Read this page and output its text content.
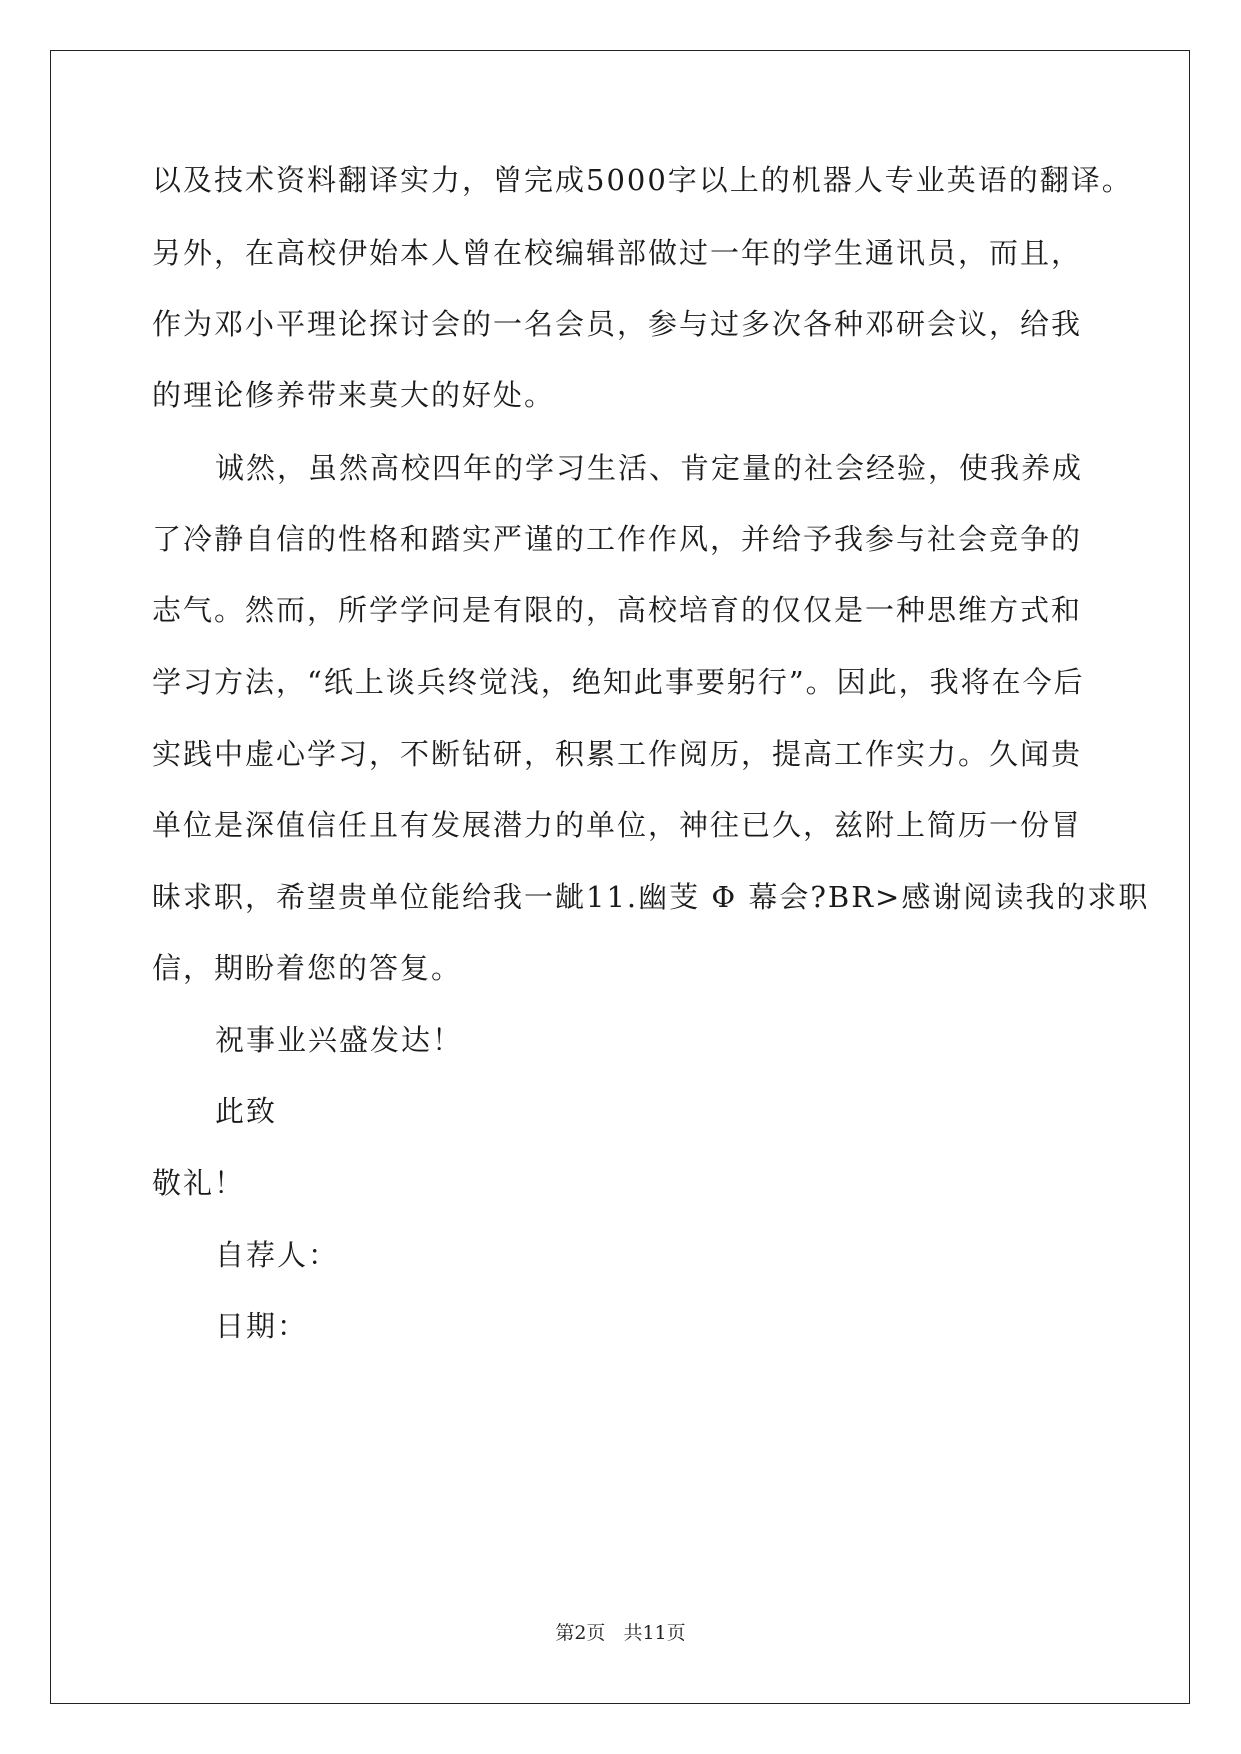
以及技术资料翻译实力，曾完成5000字以上的机器人专业英语的翻译。
另外，在高校伊始本人曾在校编辑部做过一年的学生通讯员，而且，
作为邓小平理论探讨会的一名会员，参与过多次各种邓研会议，给我
的理论修养带来莫大的好处。
诚然，虽然高校四年的学习生活、肯定量的社会经验，使我养成
了冷静自信的性格和踏实严谨的工作作风，并给予我参与社会竞争的
志气。然而，所学学问是有限的，高校培育的仅仅是一种思维方式和
学习方法，“纸上谈兵终觉浅，绝知此事要躬行”。因此，我将在今后
实践中虚心学习，不断钻研，积累工作阅历，提高工作实力。久闻贵
单位是深值信任且有发展潜力的单位，神往已久，兹附上简历一份冒
昧求职，希望贵单位能给我一龇11.幽芰 Φ 幕会?BR>感谢阅读我的求职
信，期盼着您的答复。
祝事业兴盛发达！
此致
敬礼！
自荐人：
日期：
第2页 共11页
